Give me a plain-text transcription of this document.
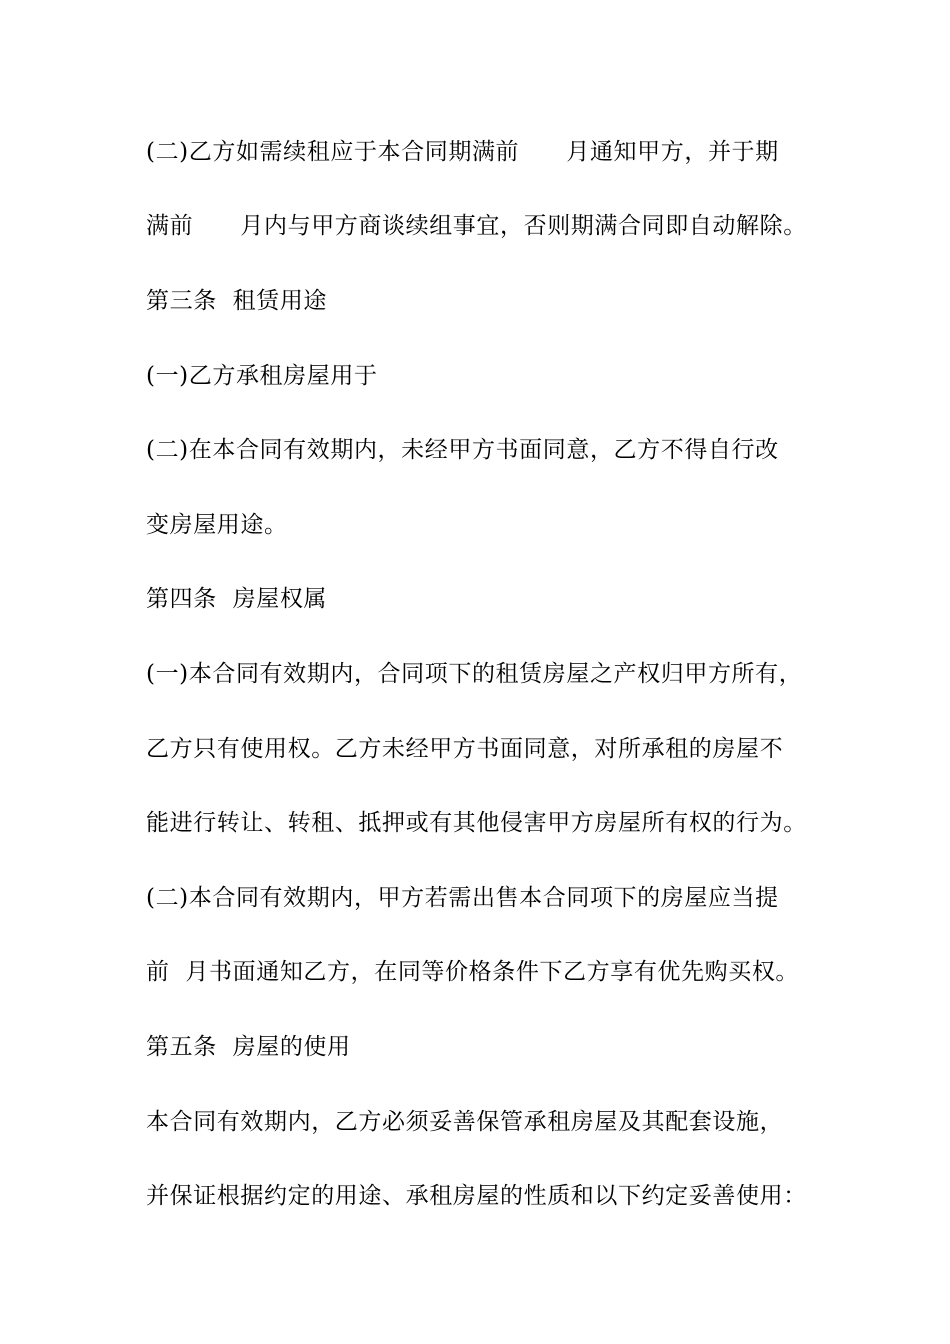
(二)乙方如需续租应于本合同期满前　　月通知甲方，并于期
满前　　月内与甲方商谈续组事宜，否则期满合同即自动解除。
第三条  租赁用途
(一)乙方承租房屋用于
(二)在本合同有效期内，未经甲方书面同意，乙方不得自行改
变房屋用途。
第四条  房屋权属
(一)本合同有效期内，合同项下的租赁房屋之产权归甲方所有，
乙方只有使用权。乙方未经甲方书面同意，对所承租的房屋不
能进行转让、转租、抵押或有其他侵害甲方房屋所有权的行为。
(二)本合同有效期内，甲方若需出售本合同项下的房屋应当提
前  月书面通知乙方，在同等价格条件下乙方享有优先购买权。
第五条  房屋的使用
本合同有效期内，乙方必须妥善保管承租房屋及其配套设施，
并保证根据约定的用途、承租房屋的性质和以下约定妥善使用：
